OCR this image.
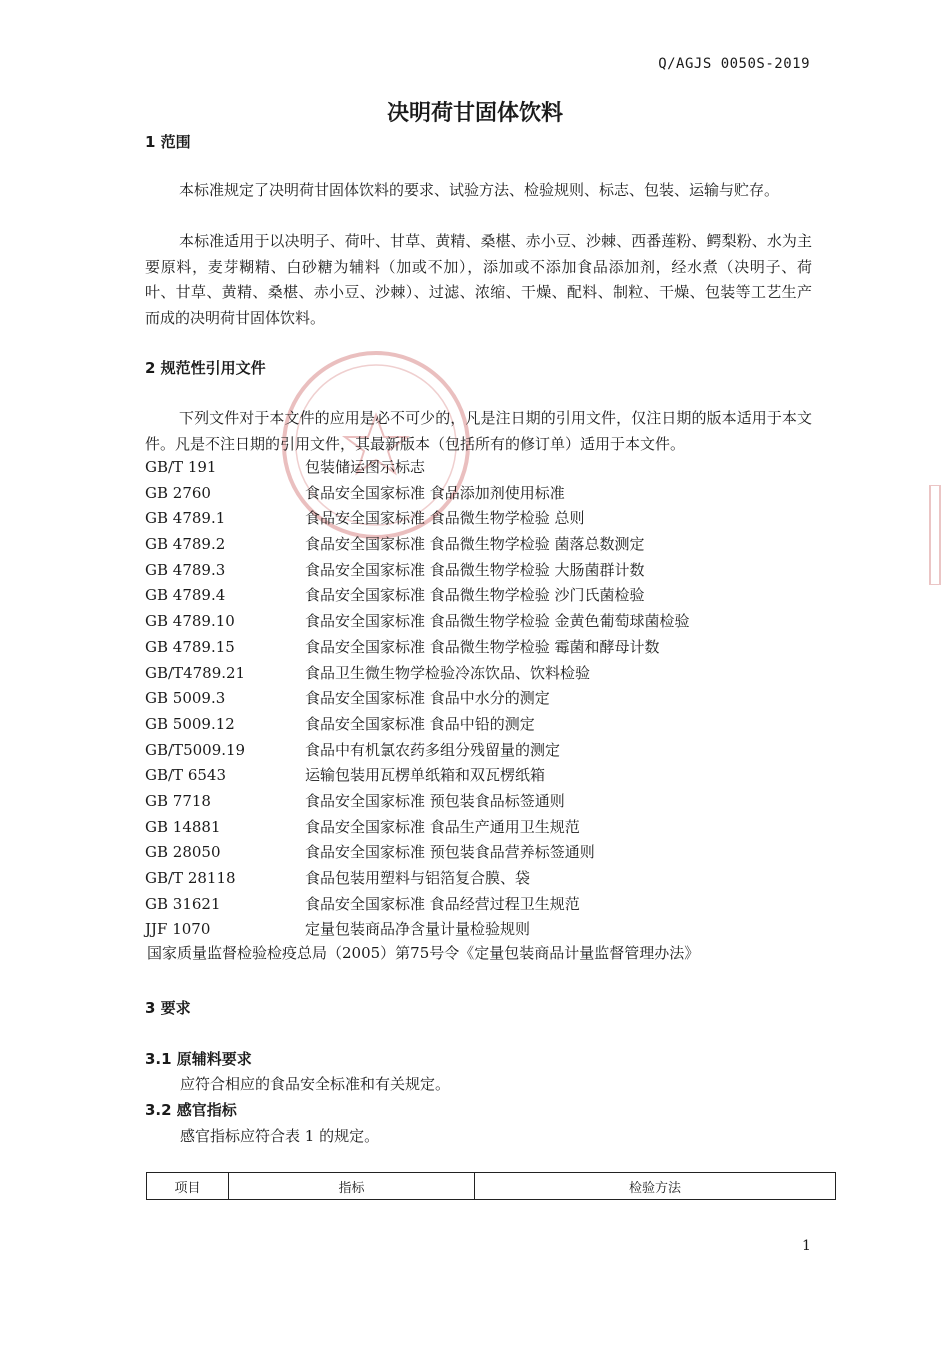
Q/AGJS 0050S-2019
决明荷甘固体饮料
1 范围

本标准规定了决明荷甘固体饮料的要求、试验方法、检验规则、标志、包装、运输与贮存。

本标准适用于以决明子、荷叶、甘草、黄精、桑椹、赤小豆、沙棘、西番莲粉、鳄梨粉、水为主要原料，麦芽糊精、白砂糖为辅料（加或不加），添加或不添加食品添加剂，经水煮（决明子、荷叶、甘草、黄精、桑椹、赤小豆、沙棘）、过滤、浓缩、干燥、配料、制粒、干燥、包装等工艺生产而成的决明荷甘固体饮料。

2 规范性引用文件

下列文件对于本文件的应用是必不可少的，凡是注日期的引用文件，仅注日期的版本适用于本文件。凡是不注日期的引用文件，其最新版本（包括所有的修订单）适用于本文件。

GB/T 191	包装储运图示标志
GB 2760	食品安全国家标准 食品添加剂使用标准
GB 4789.1	食品安全国家标准 食品微生物学检验 总则
GB 4789.2	食品安全国家标准 食品微生物学检验 菌落总数测定
GB 4789.3	食品安全国家标准 食品微生物学检验 大肠菌群计数
GB 4789.4	食品安全国家标准 食品微生物学检验 沙门氏菌检验
GB 4789.10	食品安全国家标准 食品微生物学检验 金黄色葡萄球菌检验
GB 4789.15	食品安全国家标准 食品微生物学检验 霉菌和酵母计数
GB/T4789.21	食品卫生微生物学检验冷冻饮品、饮料检验
GB 5009.3	食品安全国家标准 食品中水分的测定
GB 5009.12	食品安全国家标准 食品中铅的测定
GB/T5009.19	食品中有机氯农药多组分残留量的测定
GB/T 6543	运输包装用瓦楞单纸箱和双瓦楞纸箱
GB 7718	食品安全国家标准 预包装食品标签通则
GB 14881	食品安全国家标准 食品生产通用卫生规范
GB 28050	食品安全国家标准 预包装食品营养标签通则
GB/T 28118	食品包装用塑料与铝箔复合膜、袋
GB 31621	食品安全国家标准 食品经营过程卫生规范
JJF 1070	定量包装商品净含量计量检验规则
国家质量监督检验检疫总局（2005）第75号令《定量包装商品计量监督管理办法》
3 要求
3.1 原辅料要求
应符合相应的食品安全标准和有关规定。
3.2 感官指标
感官指标应符合表 1 的规定。
项目	指标	检验方法
1
